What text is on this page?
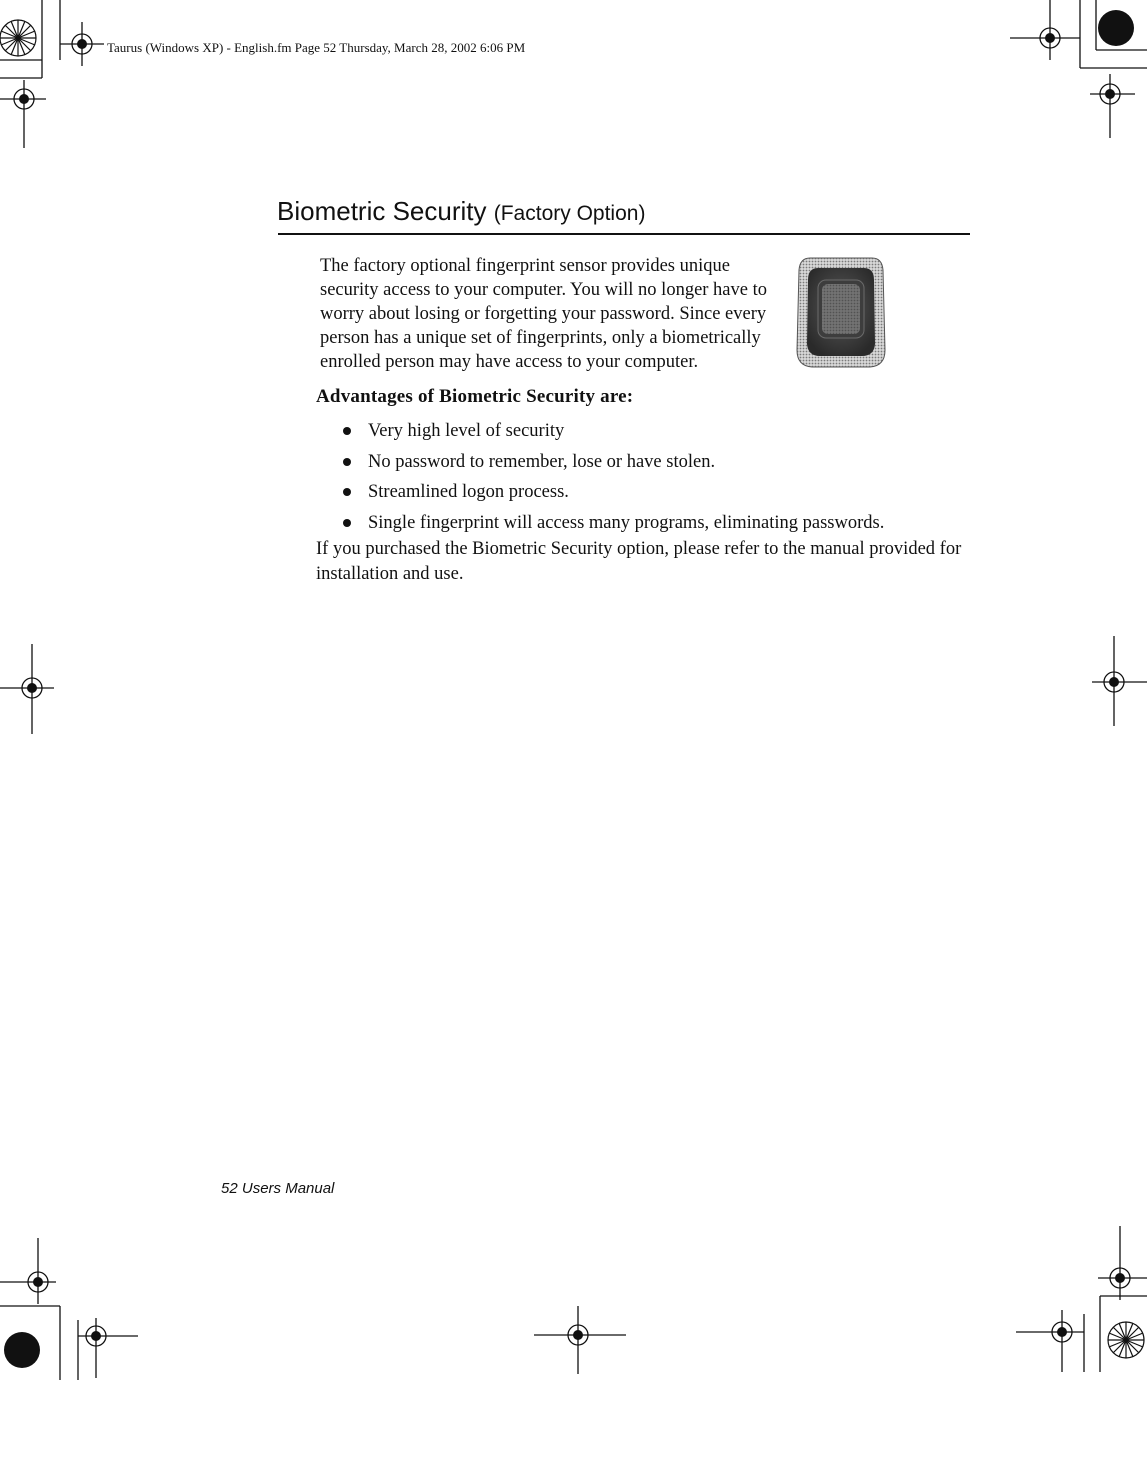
Taurus (Windows XP) - English.fm Page 52 Thursday, March 28, 2002 6:06 PM
Biometric Security (Factory Option)

The factory optional fingerprint sensor provides unique security access to your computer. You will no longer have to worry about losing or forgetting your password. Since every person has a unique set of fingerprints, only a biometrically enrolled person may have access to your computer.

Advantages of Biometric Security are:
Very high level of security
No password to remember, lose or have stolen.
Streamlined logon process.
Single fingerprint will access many programs, eliminating passwords.

If you purchased the Biometric Security option, please refer to the manual provided for installation and use.

52 Users Manual
